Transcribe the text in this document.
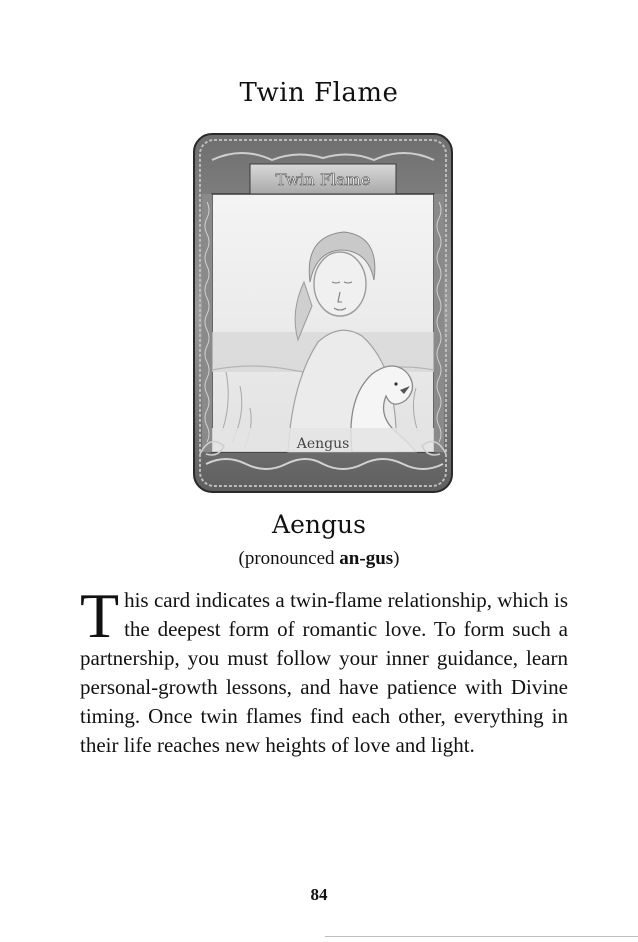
Twin Flame
Twin Flame
Aengus
Aengus
(pronounced an-gus)
This card indicates a twin-flame relationship, which is the deepest form of romantic love. To form such a partnership, you must follow your inner guidance, learn personal-growth lessons, and have patience with Divine timing. Once twin flames find each other, everything in their life reaches new heights of love and light.
84
